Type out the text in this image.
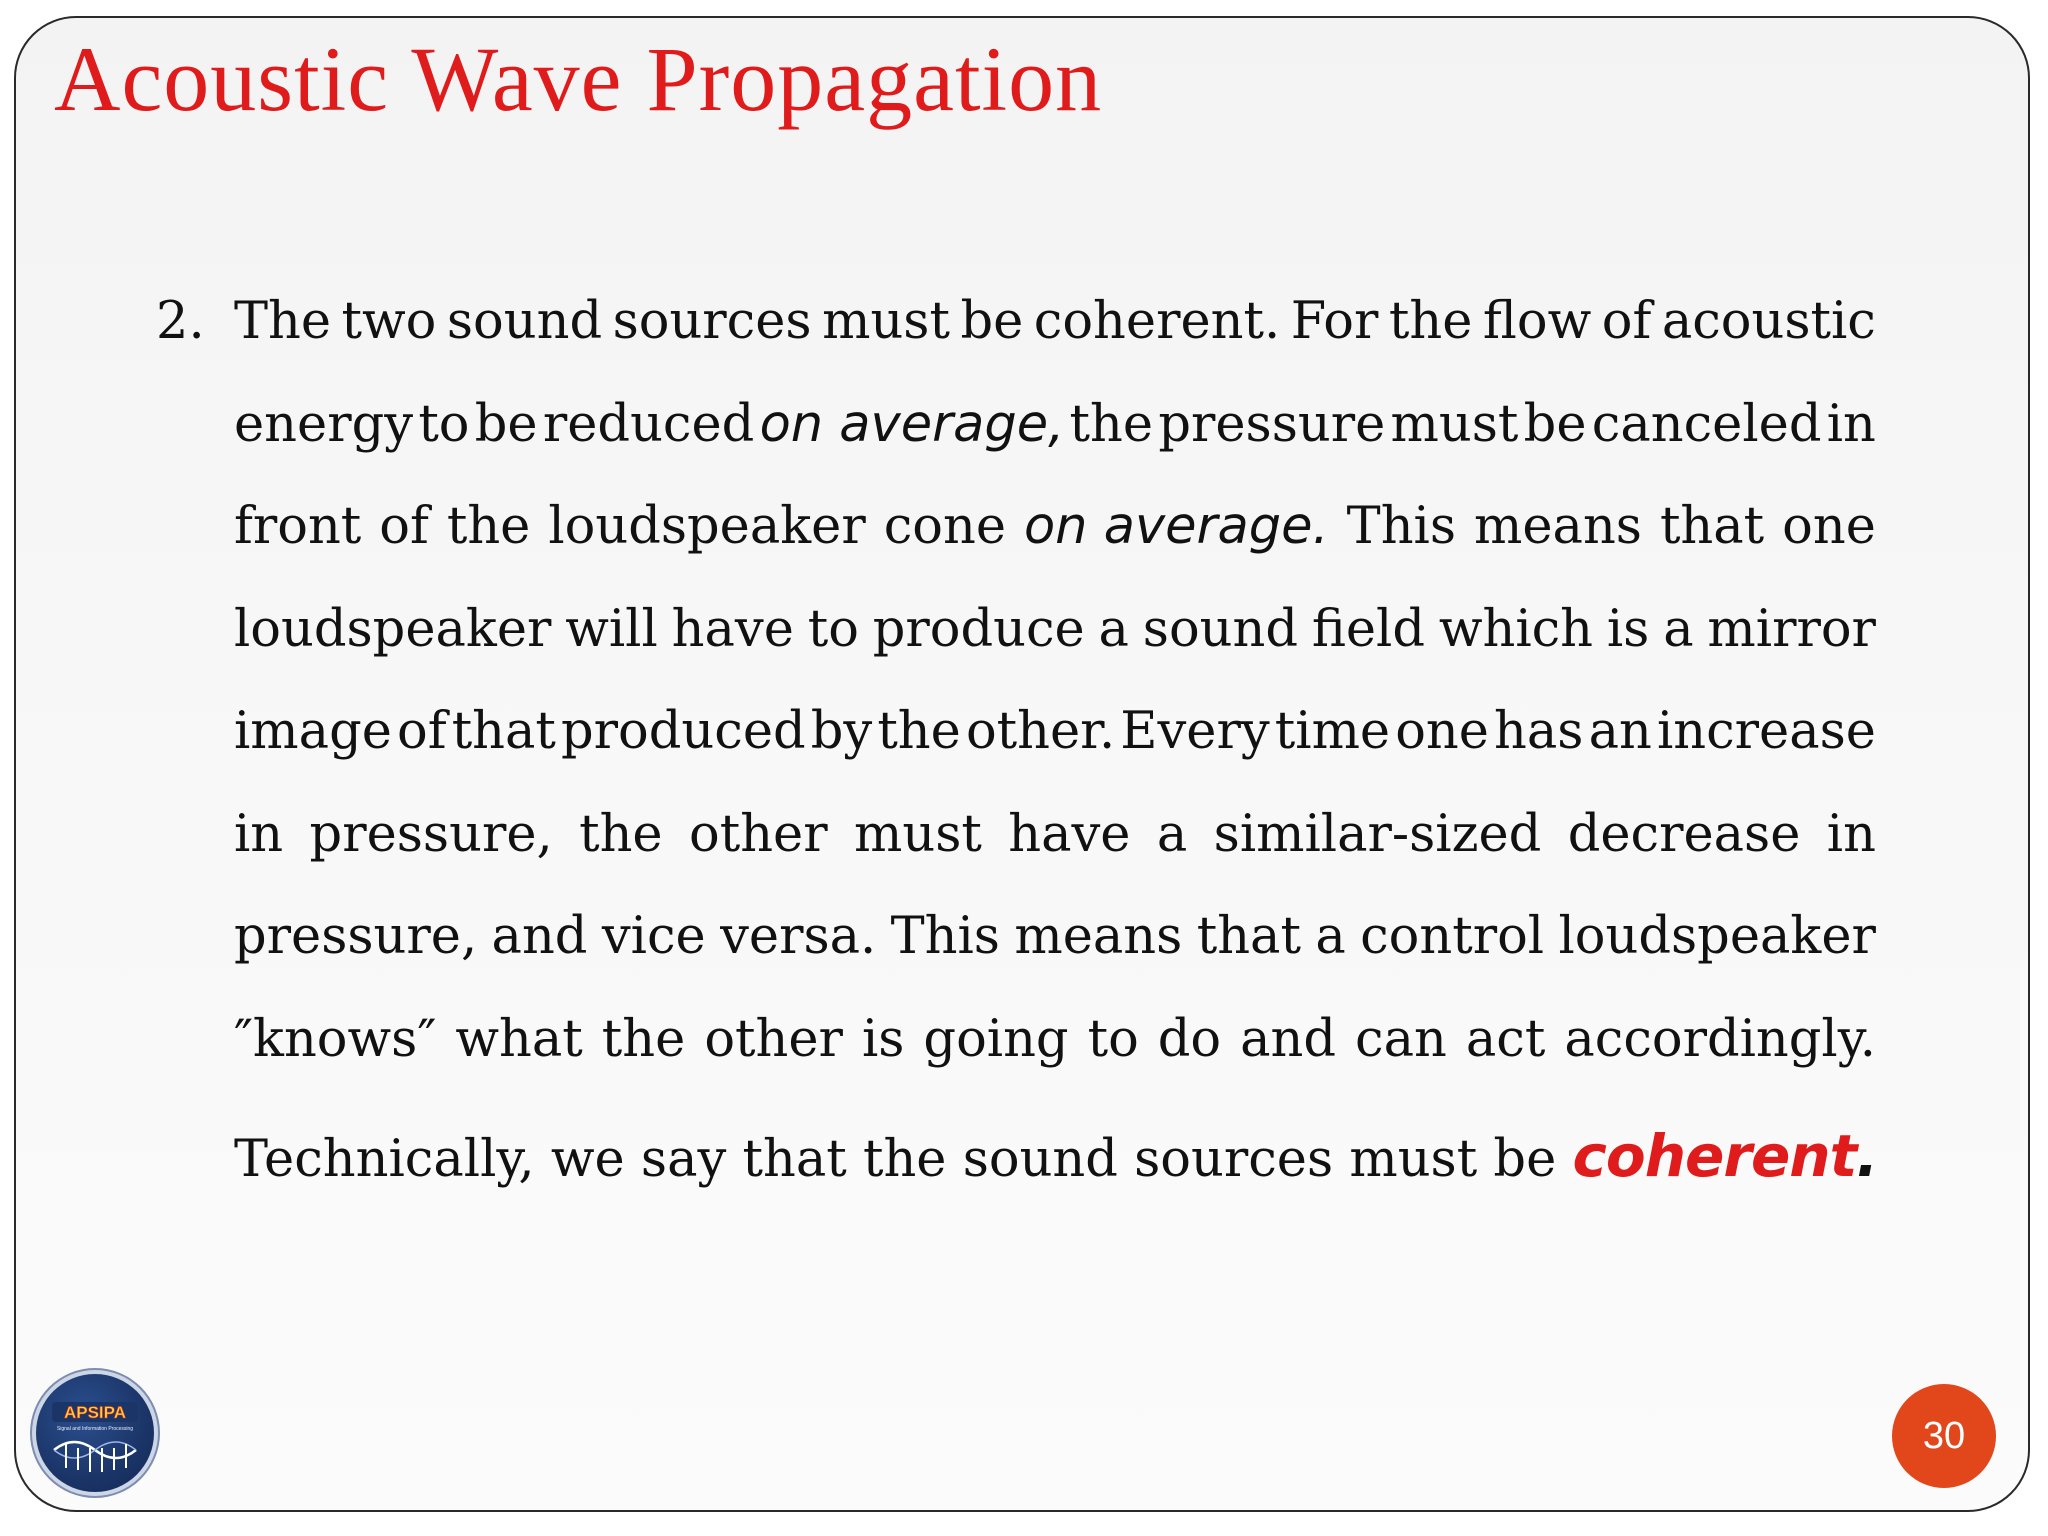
Acoustic Wave Propagation
2. The two sound sources must be coherent. For the flow of acoustic
energy to be reduced on average, the pressure must be canceled in
front of the loudspeaker cone on average. This means that one
loudspeaker will have to produce a sound field which is a mirror
image of that produced by the other. Every time one has an increase
in pressure, the other must have a similar-sized decrease in
pressure, and vice versa. This means that a control loudspeaker
″knows″ what the other is going to do and can act accordingly.
Technically, we say that the sound sources must be coherent.
APSIPA
Signal and Information Processing	30
